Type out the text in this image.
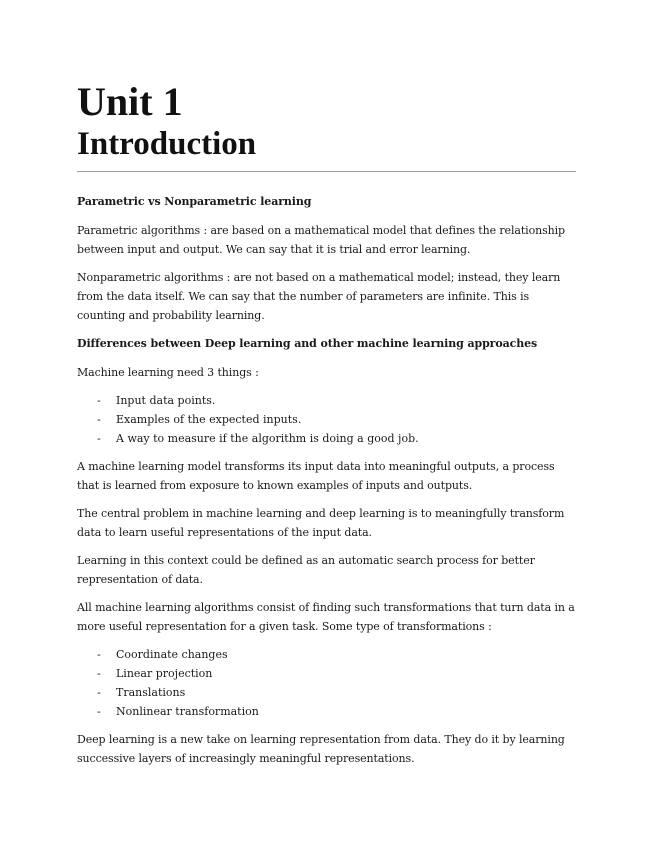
Unit 1
Introduction

Parametric vs Nonparametric learning

Parametric algorithms : are based on a mathematical model that defines the relationship between input and output. We can say that it is trial and error learning.

Nonparametric algorithms : are not based on a mathematical model; instead, they learn from the data itself. We can say that the number of parameters are infinite. This is counting and probability learning.

Differences between Deep learning and other machine learning approaches

Machine learning need 3 things :

- Input data points.
- Examples of the expected inputs.
- A way to measure if the algorithm is doing a good job.

A machine learning model transforms its input data into meaningful outputs, a process that is learned from exposure to known examples of inputs and outputs.

The central problem in machine learning and deep learning is to meaningfully transform data to learn useful representations of the input data.

Learning in this context could be defined as an automatic search process for better representation of data.

All machine learning algorithms consist of finding such transformations that turn data in a more useful representation for a given task. Some type of transformations :

- Coordinate changes
- Linear projection
- Translations
- Nonlinear transformation

Deep learning is a new take on learning representation from data. They do it by learning successive layers of increasingly meaningful representations.
